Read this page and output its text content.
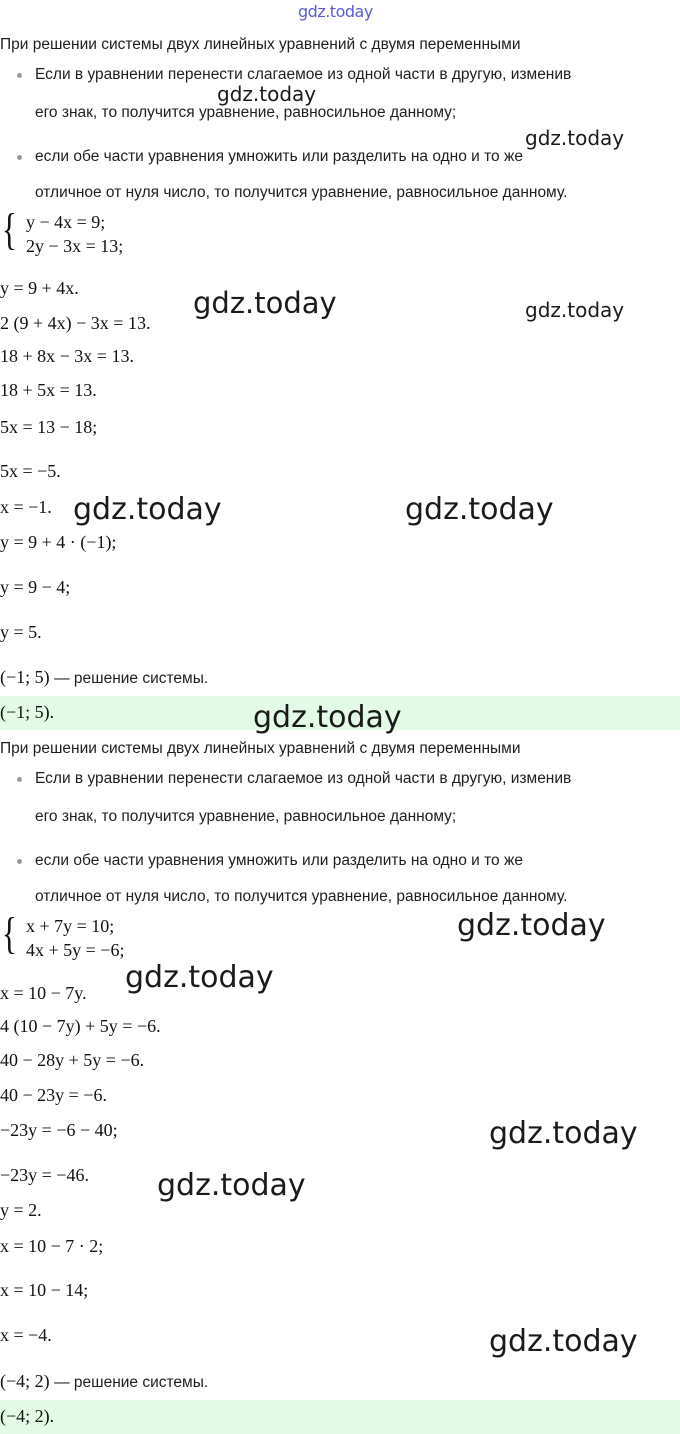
gdz.today
При решении системы двух линейных уравнений с двумя переменными
Если в уравнении перенести слагаемое из одной части в другую, изменив
его знак, то получится уравнение, равносильное данному;
если обе части уравнения умножить или разделить на одно и то же
отличное от нуля число, то получится уравнение, равносильное данному.
{ y − 4x = 9;
2y − 3x = 13;
y = 9 + 4x.
2 (9 + 4x) − 3x = 13.
18 + 8x − 3x = 13.
18 + 5x = 13.
5x = 13 − 18;
5x = −5.
x = −1.
y = 9 + 4 · (−1);
y = 9 − 4;
y = 5.
(−1; 5) — решение системы.
(−1; 5).
При решении системы двух линейных уравнений с двумя переменными
Если в уравнении перенести слагаемое из одной части в другую, изменив
его знак, то получится уравнение, равносильное данному;
если обе части уравнения умножить или разделить на одно и то же
отличное от нуля число, то получится уравнение, равносильное данному.
{ x + 7y = 10;
4x + 5y = −6;
x = 10 − 7y.
4 (10 − 7y) + 5y = −6.
40 − 28y + 5y = −6.
40 − 23y = −6.
−23y = −6 − 40;
−23y = −46.
y = 2.
x = 10 − 7 · 2;
x = 10 − 14;
x = −4.
(−4; 2) — решение системы.
(−4; 2).
gdz.today
gdz.today
gdz.today	gdz.today
gdz.today	gdz.today
gdz.today
gdz.today
gdz.today
gdz.today
gdz.today
gdz.today
